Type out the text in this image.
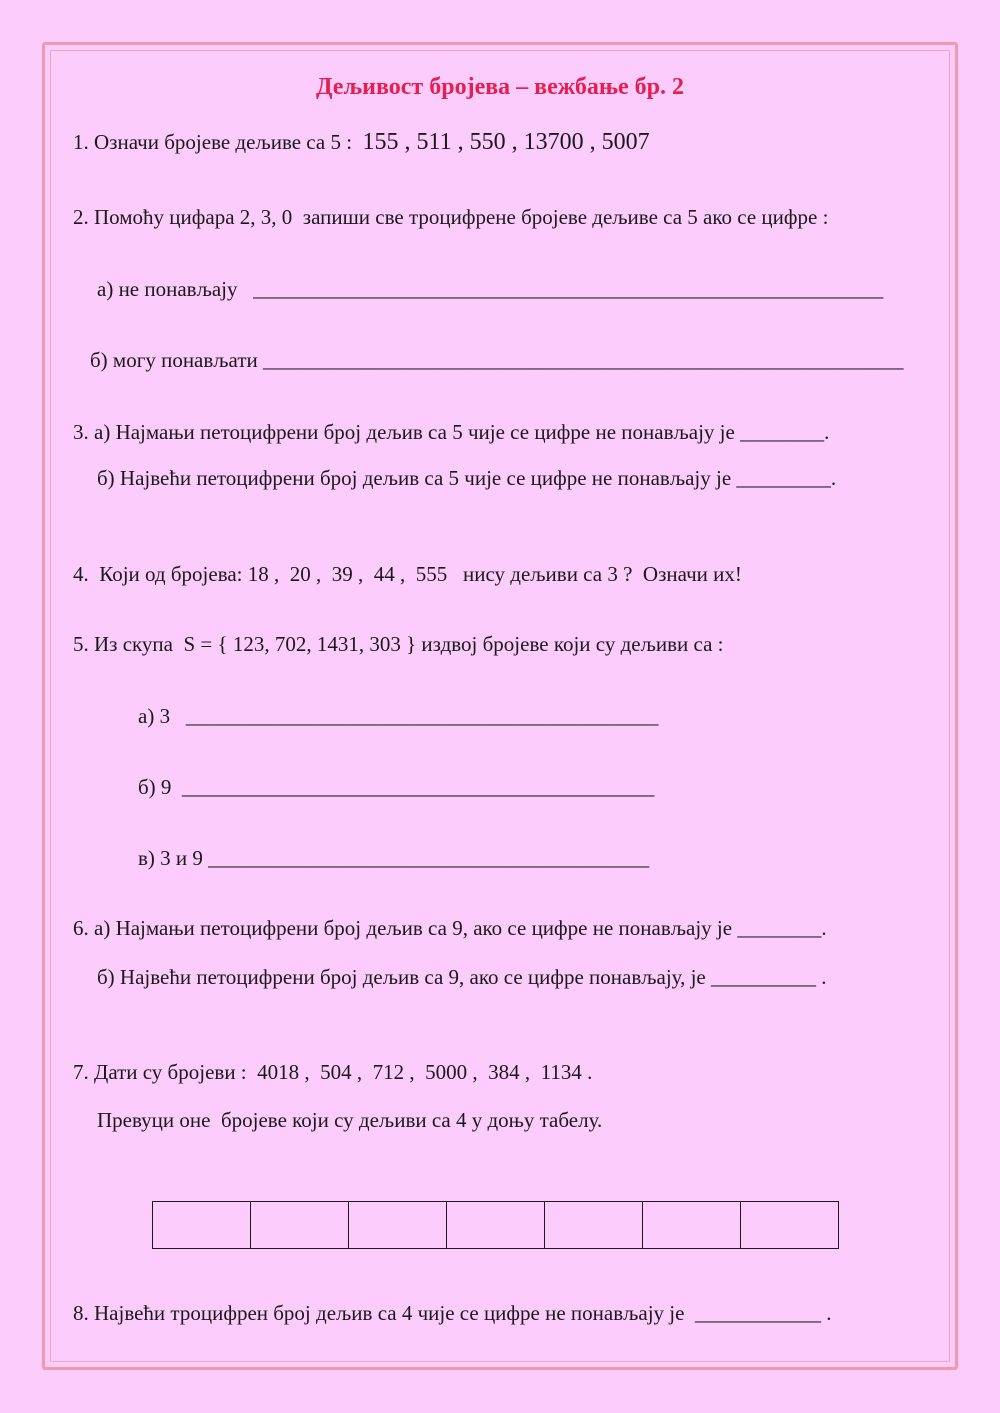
Дељивост бројева – вежбање бр. 2
1. Означи бројеве дељиве са 5 : 155 , 511 , 550 , 13700 , 5007
2. Помоћу цифара 2, 3, 0  запиши све троцифрене бројеве дељиве са 5 ако се цифре :
а) не понављају   ____________________________________________________________
б) могу понављати _____________________________________________________________
3. а) Најмањи петоцифрени број дељив са 5 чије се цифре не понављају је ________.
б) Највећи петоцифрени број дељив са 5 чије се цифре не понављају је _________.
4.  Који од бројева: 18 ,  20 ,  39 ,  44 ,  555   нису дељиви са 3 ?  Означи их!
5. Из скупа  S = { 123, 702, 1431, 303 } издвој бројеве који су дељиви са :
а) 3   _____________________________________________
б) 9  _____________________________________________
в) 3 и 9 __________________________________________
6. а) Најмањи петоцифрени број дељив са 9, ако се цифре не понављају је ________.
б) Највећи петоцифрени број дељив са 9, ако се цифре понављају, је __________ .
7. Дати су бројеви :  4018 ,  504 ,  712 ,  5000 ,  384 ,  1134 .
Превуци оне  бројеве који су дељиви са 4 у доњу табелу.

8. Највећи троцифрен број дељив са 4 чије се цифре не понављају је  ____________ .
